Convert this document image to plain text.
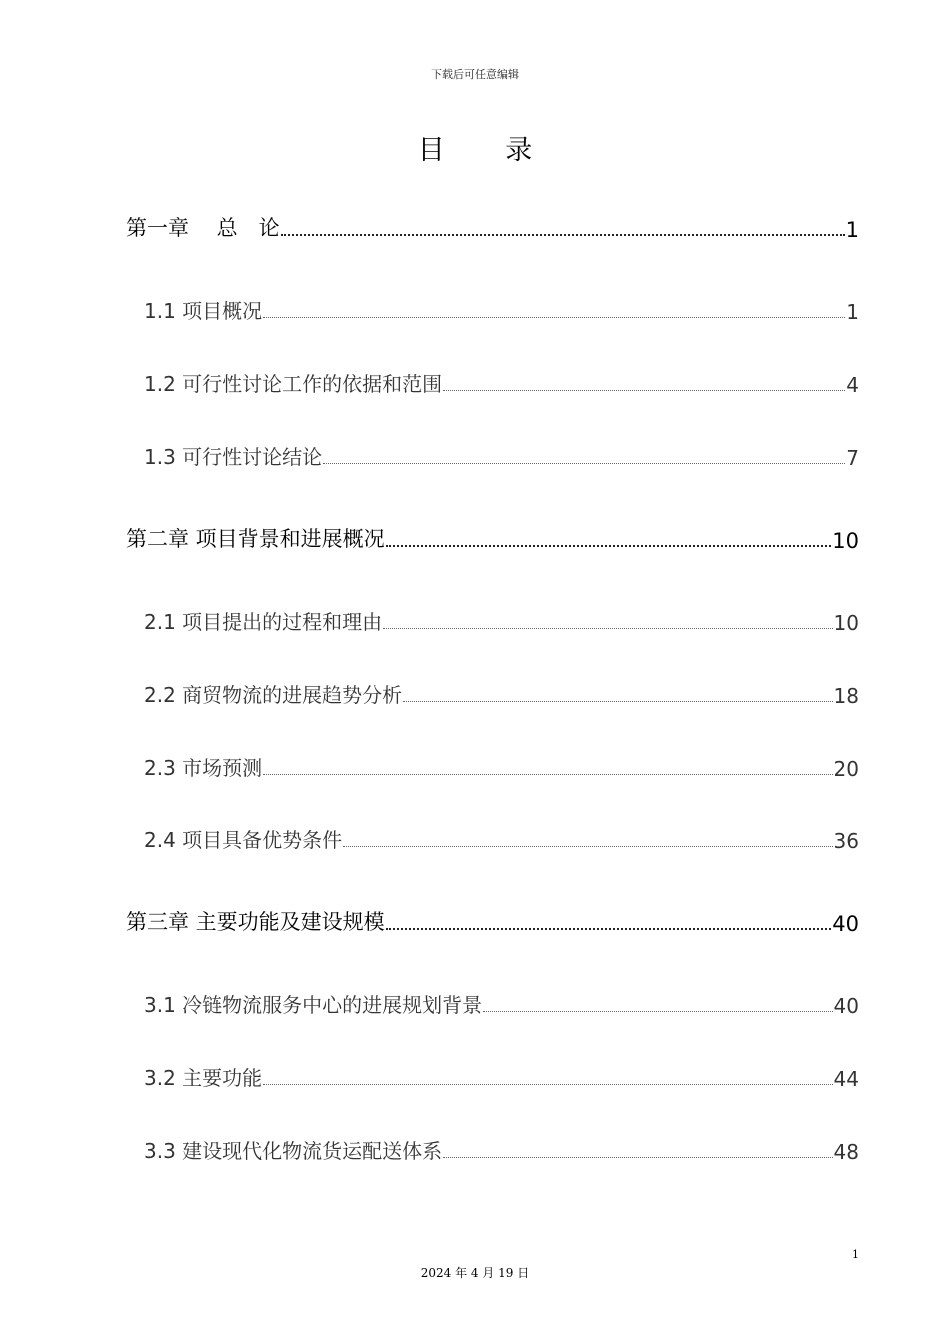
下载后可任意编辑
目 录
第一章　 总　论	1
1.1 项目概况	1
1.2 可行性讨论工作的依据和范围	4
1.3 可行性讨论结论	7
第二章 项目背景和进展概况	10
2.1 项目提出的过程和理由	10
2.2 商贸物流的进展趋势分析	18
2.3 市场预测	20
2.4 项目具备优势条件	36
第三章 主要功能及建设规模	40
3.1 冷链物流服务中心的进展规划背景	40
3.2 主要功能	44
3.3 建设现代化物流货运配送体系	48
1
2024 年 4 月 19 日
